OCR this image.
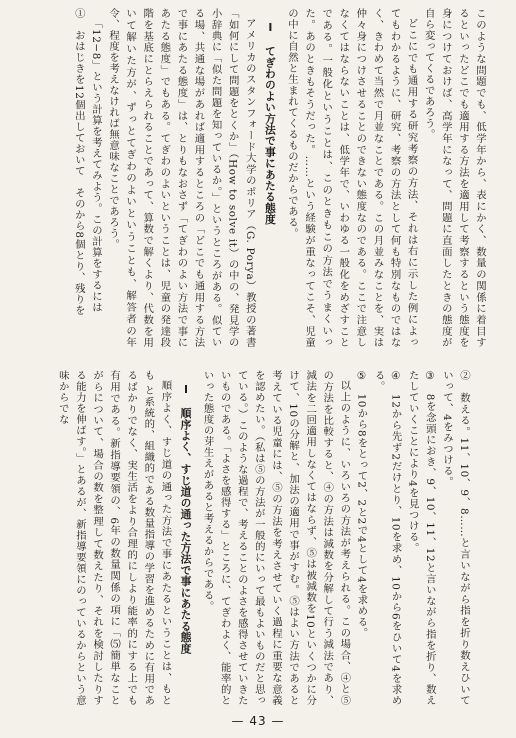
このような問題でも、低学年から、表にかく、数量の関係に着目するといったどこでも適用する方法を適用して考察するという態度を身につけておけば、高学年になって、問題に直面したときの態度が自ら変ってくるであろう。

どこにでも通用する研究考察の方法、それは右に示した例によってもわかるように、研究、考察の方法として何も特別なものではなく、きわめて当然で月並なことである。この月並みなことを、実は仲々身につけさせることのできない態度なのである。ここで注意しなくてはならないことは、低学年で、いわゆる一般化をめざすことである。一般化ということは、このときもこの方法でうまくいった。あのときもそうだった。……という経験が重なってこそ、児童の中に自然と生まれてくるものだからである。

Ⅰ　てぎわのよい方法で事にあたる態度

アメリカのスタンフォード大学のポリア（G. Porya）教授の著書「如何にして問題をとくか」（How to solve it）の中の、発見学の小辞典に「似た問題を知っているか。」というところがある。似ている場、共通な場があれば適用するところの「どこでも通用する方法で事にあたる態度」は、とりもなおさず「てぎわのよい方法で事にあたる態度」でもある。てぎわのよいということは、児童の発達段階を基底にとらえられることであって、算数で解くより、代数を用いて解いた方が、ずっとてぎわのよいということも、解答者の年令、程度を考えなければ無意味なことであろう。

「12−8」という計算を考えてみよう。この計算をするには

①　おはじきを12個出しておいて　そのから8個とり、残りを

②　数える。11、10、9、8……と言いながら指を折り数えひいていって、4をみつける。

③　8を念頭におき、9、10、11、12と言いながら指を折り、数えたしていくことにより4を見つける。

④　12から先ず2だけとり、10を求め、10から6をひいて4を求める。

⑤　10から8をとって2、2と2で4として4を求める。

以上のように、いろいろの方法が考えられる。この場合、④と⑤の方法を比較すると、④の方法は減数を分解して行う減法であり、減法を二回適用しなくてはならず、⑤は被減数を10といくつかに分けて、10の分解と、加法の適用で事がすむ。⑤はよい方法であると考えている児童には、⑤の方法を考えさせていく過程に重要な意義を認めたい。（私は⑤の方法が一般的にいって最もよいものだと思っている。）このような過程で、考えることのよさを感得させていきたいものである。「よさを感得する」ところに、てぎわよく、能率的といった態度の芽生えがあると考えるからである。

Ⅰ　順序よく、すじ道の通った方法で事にあたる態度

順序よく、すじ道の通った方法で事にあたるということは、もとも と系統的、組織的である数量指導の学習を進めるために有用であるばかりでなく、実生活をより合理的にしより能率的にする上でも有用である。新指導要領の、6年の数量関係の項に「⑸簡単なことがらについて、場合の数を整理して数えたり、それを検討したりする能力を伸ばす。」とあるが、新指導要領にのっているからという意味からでな

— 43 —
